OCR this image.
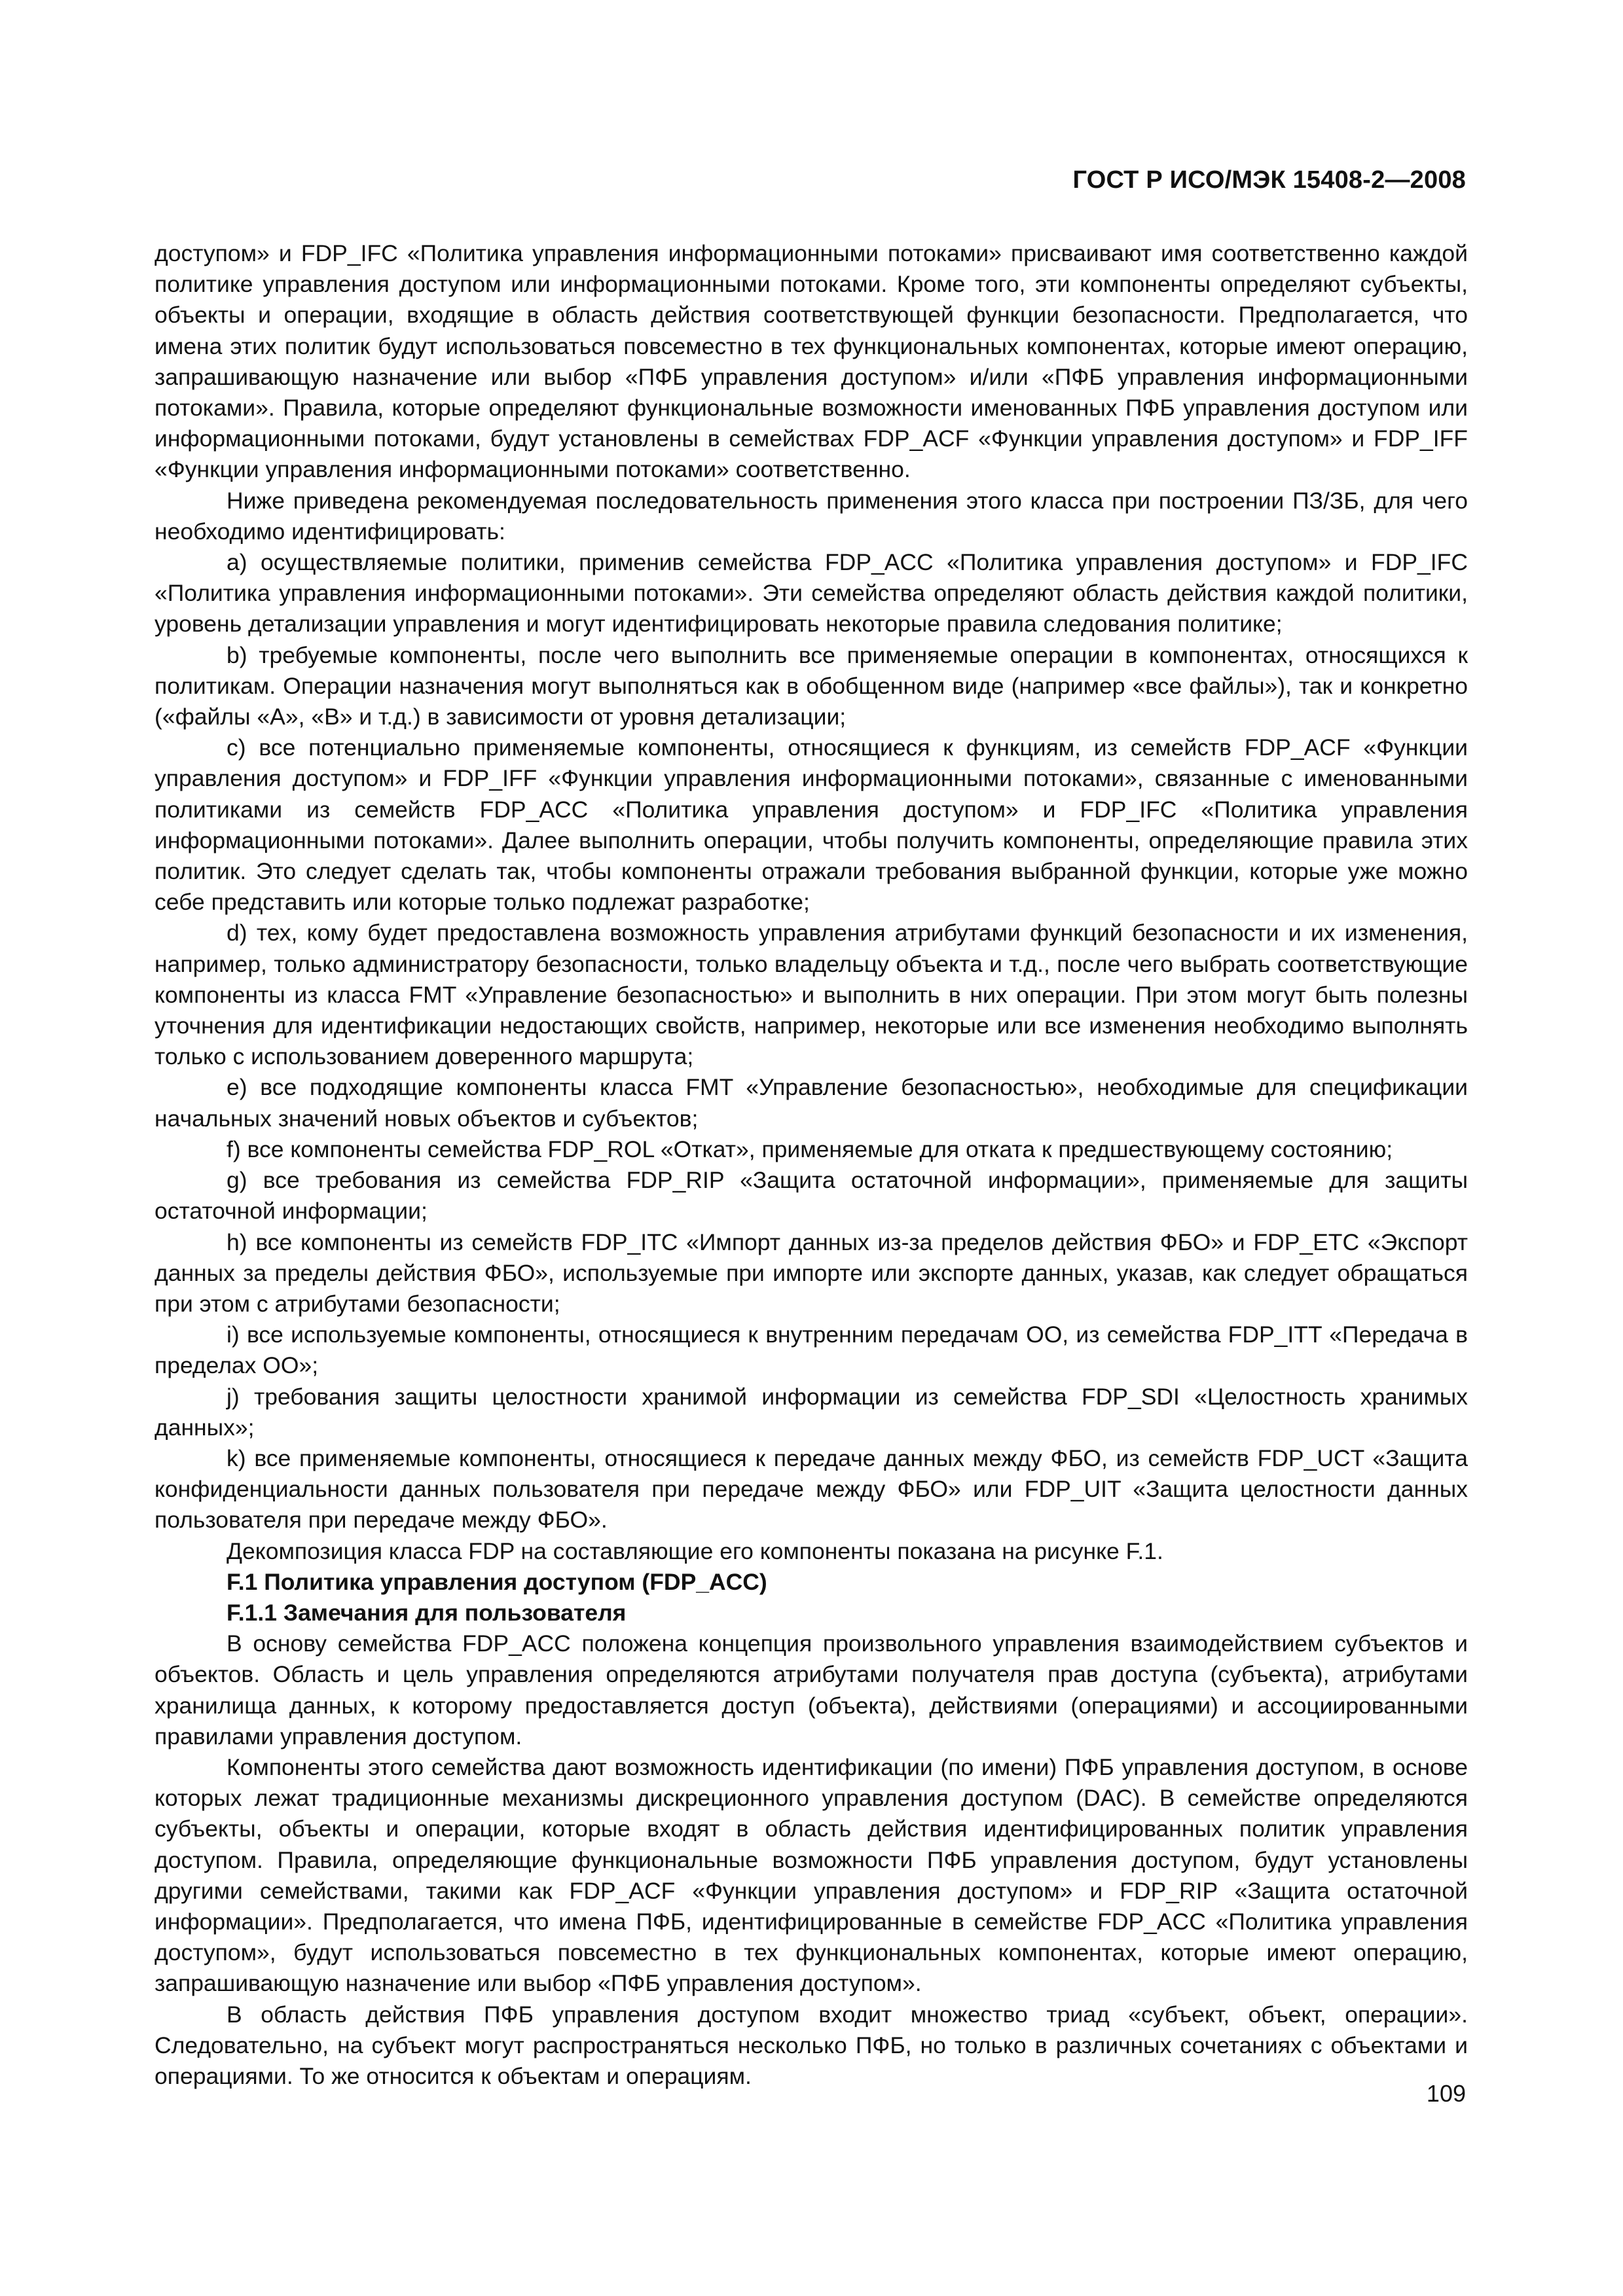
ГОСТ Р ИСО/МЭК 15408-2—2008

доступом» и FDP_IFC «Политика управления информационными потоками» присваивают имя соответственно каждой политике управления доступом или информационными потоками. Кроме того, эти компоненты определяют субъекты, объекты и операции, входящие в область действия соответствующей функции безопасности. Предполагается, что имена этих политик будут использоваться повсеместно в тех функциональных компонентах, которые имеют операцию, запрашивающую назначение или выбор «ПФБ управления доступом» и/или «ПФБ управления информационными потоками». Правила, которые определяют функциональные возможности именованных ПФБ управления доступом или информационными потоками, будут установлены в семействах FDP_ACF «Функции управления доступом» и FDP_IFF «Функции управления информационными потоками» соответственно.

Ниже приведена рекомендуемая последовательность применения этого класса при построении ПЗ/ЗБ, для чего необходимо идентифицировать:

a) осуществляемые политики, применив семейства FDP_ACC «Политика управления доступом» и FDP_IFC «Политика управления информационными потоками». Эти семейства определяют область действия каждой политики, уровень детализации управления и могут идентифицировать некоторые правила следования политике;

b) требуемые компоненты, после чего выполнить все применяемые операции в компонентах, относящихся к политикам. Операции назначения могут выполняться как в обобщенном виде (например «все файлы»), так и конкретно («файлы «А», «В» и т.д.) в зависимости от уровня детализации;

c) все потенциально применяемые компоненты, относящиеся к функциям, из семейств FDP_ACF «Функции управления доступом» и FDP_IFF «Функции управления информационными потоками», связанные с именованными политиками из семейств FDP_ACC «Политика управления доступом» и FDP_IFC «Политика управления информационными потоками». Далее выполнить операции, чтобы получить компоненты, определяющие правила этих политик. Это следует сделать так, чтобы компоненты отражали требования выбранной функции, которые уже можно себе представить или которые только подлежат разработке;

d) тех, кому будет предоставлена возможность управления атрибутами функций безопасности и их изменения, например, только администратору безопасности, только владельцу объекта и т.д., после чего выбрать соответствующие компоненты из класса FMT «Управление безопасностью» и выполнить в них операции. При этом могут быть полезны уточнения для идентификации недостающих свойств, например, некоторые или все изменения необходимо выполнять только с использованием доверенного маршрута;

e) все подходящие компоненты класса FMT «Управление безопасностью», необходимые для спецификации начальных значений новых объектов и субъектов;

f) все компоненты семейства FDP_ROL «Откат», применяемые для отката к предшествующему состоянию;

g) все требования из семейства FDP_RIP «Защита остаточной информации», применяемые для защиты остаточной информации;

h) все компоненты из семейств FDP_ITC «Импорт данных из-за пределов действия ФБО» и FDP_ETC «Экспорт данных за пределы действия ФБО», используемые при импорте или экспорте данных, указав, как следует обращаться при этом с атрибутами безопасности;

i) все используемые компоненты, относящиеся к внутренним передачам ОО, из семейства FDP_ITT «Передача в пределах ОО»;

j) требования защиты целостности хранимой информации из семейства FDP_SDI «Целостность хранимых данных»;

k) все применяемые компоненты, относящиеся к передаче данных между ФБО, из семейств FDP_UCT «Защита конфиденциальности данных пользователя при передаче между ФБО» или FDP_UIT «Защита целостности данных пользователя при передаче между ФБО».

Декомпозиция класса FDP на составляющие его компоненты показана на рисунке F.1.

F.1 Политика управления доступом (FDP_ACC)
F.1.1 Замечания для пользователя

В основу семейства FDP_ACC положена концепция произвольного управления взаимодействием субъектов и объектов. Область и цель управления определяются атрибутами получателя прав доступа (субъекта), атрибутами хранилища данных, к которому предоставляется доступ (объекта), действиями (операциями) и ассоциированными правилами управления доступом.

Компоненты этого семейства дают возможность идентификации (по имени) ПФБ управления доступом, в основе которых лежат традиционные механизмы дискреционного управления доступом (DAC). В семействе определяются субъекты, объекты и операции, которые входят в область действия идентифицированных политик управления доступом. Правила, определяющие функциональные возможности ПФБ управления доступом, будут установлены другими семействами, такими как FDP_ACF «Функции управления доступом» и FDP_RIP «Защита остаточной информации». Предполагается, что имена ПФБ, идентифицированные в семействе FDP_ACC «Политика управления доступом», будут использоваться повсеместно в тех функциональных компонентах, которые имеют операцию, запрашивающую назначение или выбор «ПФБ управления доступом».

В область действия ПФБ управления доступом входит множество триад «субъект, объект, операции». Следовательно, на субъект могут распространяться несколько ПФБ, но только в различных сочетаниях с объектами и операциями. То же относится к объектам и операциям.

109
